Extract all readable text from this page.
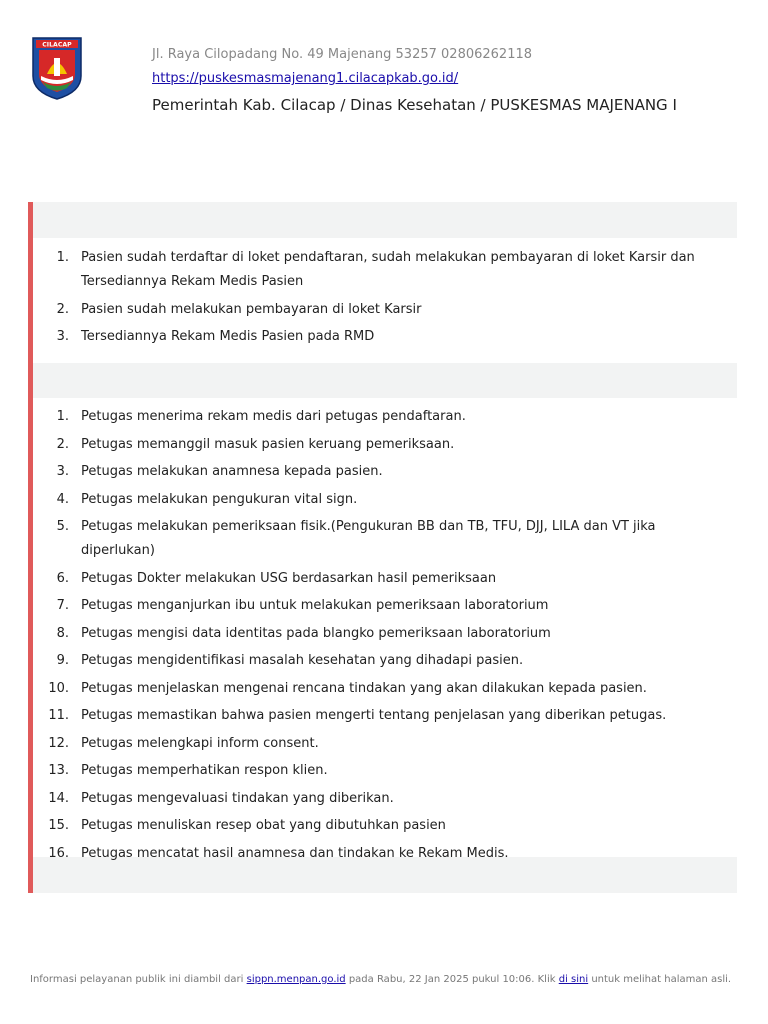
CILACAP
Jl. Raya Cilopadang No. 49 Majenang 53257 02806262118
https://puskesmasmajenang1.cilacapkab.go.id/
Pemerintah Kab. Cilacap / Dinas Kesehatan / PUSKESMAS MAJENANG I
1. Pasien sudah terdaftar di loket pendaftaran, sudah melakukan pembayaran di loket Karsir dan Tersediannya Rekam Medis Pasien
2. Pasien sudah melakukan pembayaran di loket Karsir
3. Tersediannya Rekam Medis Pasien pada RMD
1. Petugas menerima rekam medis dari petugas pendaftaran.
2. Petugas memanggil masuk pasien keruang pemeriksaan.
3. Petugas melakukan anamnesa kepada pasien.
4. Petugas melakukan pengukuran vital sign.
5. Petugas melakukan pemeriksaan fisik.(Pengukuran BB dan TB, TFU, DJJ, LILA dan VT jika diperlukan)
6. Petugas Dokter melakukan USG berdasarkan hasil pemeriksaan
7. Petugas menganjurkan ibu untuk melakukan pemeriksaan laboratorium
8. Petugas mengisi data identitas pada blangko pemeriksaan laboratorium
9. Petugas mengidentifikasi masalah kesehatan yang dihadapi pasien.
10. Petugas menjelaskan mengenai rencana tindakan yang akan dilakukan kepada pasien.
11. Petugas memastikan bahwa pasien mengerti tentang penjelasan yang diberikan petugas.
12. Petugas melengkapi inform consent.
13. Petugas memperhatikan respon klien.
14. Petugas mengevaluasi tindakan yang diberikan.
15. Petugas menuliskan resep obat yang dibutuhkan pasien
16. Petugas mencatat hasil anamnesa dan tindakan ke Rekam Medis.
Informasi pelayanan publik ini diambil dari sippn.menpan.go.id pada Rabu, 22 Jan 2025 pukul 10:06. Klik di sini untuk melihat halaman asli.
